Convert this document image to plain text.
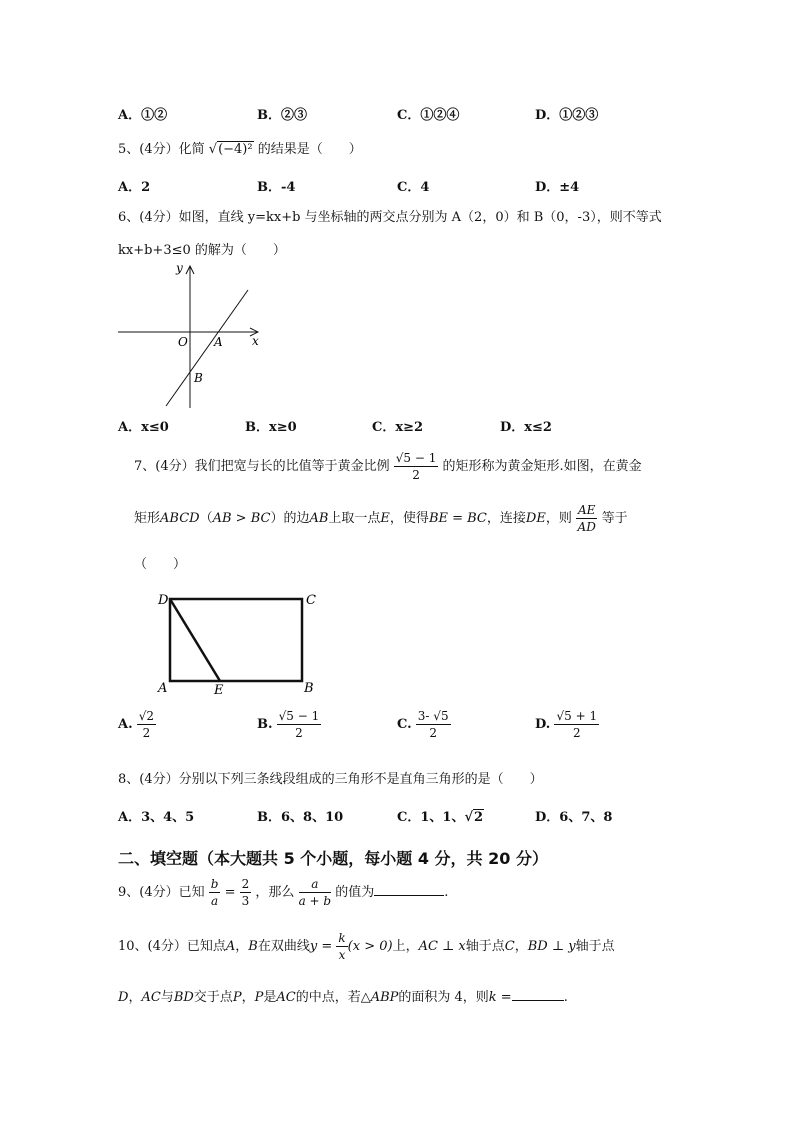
A．①②	B．②③	C．①②④	D．①②③
5、(4分）化简 √(−4)² 的结果是（　　）
A．2	B．-4	C．4	D．±4
6、(4分）如图，直线 y=kx+b 与坐标轴的两交点分别为 A（2，0）和 B（0，-3），则不等式
kx+b+3≤0 的解为（　　）
y
x
O A
B
A．x≤0	B．x≥0	C．x≥2	D．x≤2
7、(4分）我们把宽与长的比值等于黄金比例 $\frac{√5 - 1}{2}$ 的矩形称为黄金矩形.如图，在黄金
矩形ABCD（AB > BC）的边AB上取一点E，使得BE = BC，连接DE，则 $\frac{AE}{AD}$ 等于
（　　）
D	C
A	E	B
A. $\frac{√2}{2}$	B. $\frac{√5 - 1}{2}$	C. $\frac{3- √5}{2}$	D. $\frac{√5 + 1}{2}$
8、(4分）分别以下列三条线段组成的三角形不是直角三角形的是（　　）
A．3、4、5	B．6、8、10	C．1、1、√2	D．6、7、8
二、填空题（本大题共 5 个小题，每小题 4 分，共 20 分）
9、(4分）已知 $\frac{b}{a} = \frac{2}{3}$ ，那么 $\frac{a}{a + b}$ 的值为	.
10、(4分）已知点A，B在双曲线$y = \frac{k}{x} (x > 0)$上，AC ⊥ x轴于点C，BD ⊥ y轴于点
D，AC与BD交于点P，P是AC的中点，若△ABP的面积为 4，则k =	.
